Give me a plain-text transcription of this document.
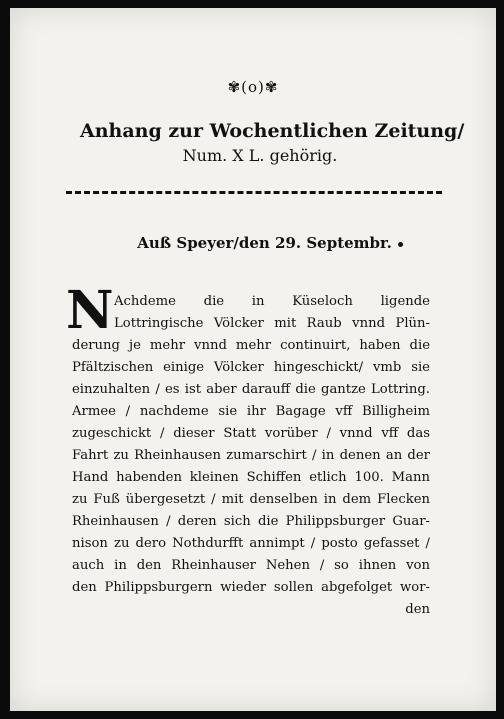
✾(o)✾
Anhang zur Wochentlichen Zeitung/
Num. X L. gehörig.
Auß Speyer/den 29. Septembr.
N Achdeme die in Küseloch ligende
Lottringische Völcker mit Raub vnnd Plün-
derung je mehr vnnd mehr continuirt, haben die
Pfältzischen einige Völcker hingeschickt/ vmb sie
einzuhalten / es ist aber darauff die gantze Lottring.
Armee / nachdeme sie ihr Bagage vff Billigheim
zugeschickt / dieser Statt vorüber / vnnd vff das
Fahrt zu Rheinhausen zumarschirt / in denen an der
Hand habenden kleinen Schiffen etlich 100. Mann
zu Fuß übergesetzt / mit denselben in dem Flecken
Rheinhausen / deren sich die Philippsburger Guar-
nison zu dero Nothdurfft annimpt / posto gefasset /
auch in den Rheinhauser Nehen / so ihnen von
den Philippsburgern wieder sollen abgefolget wor-
den
